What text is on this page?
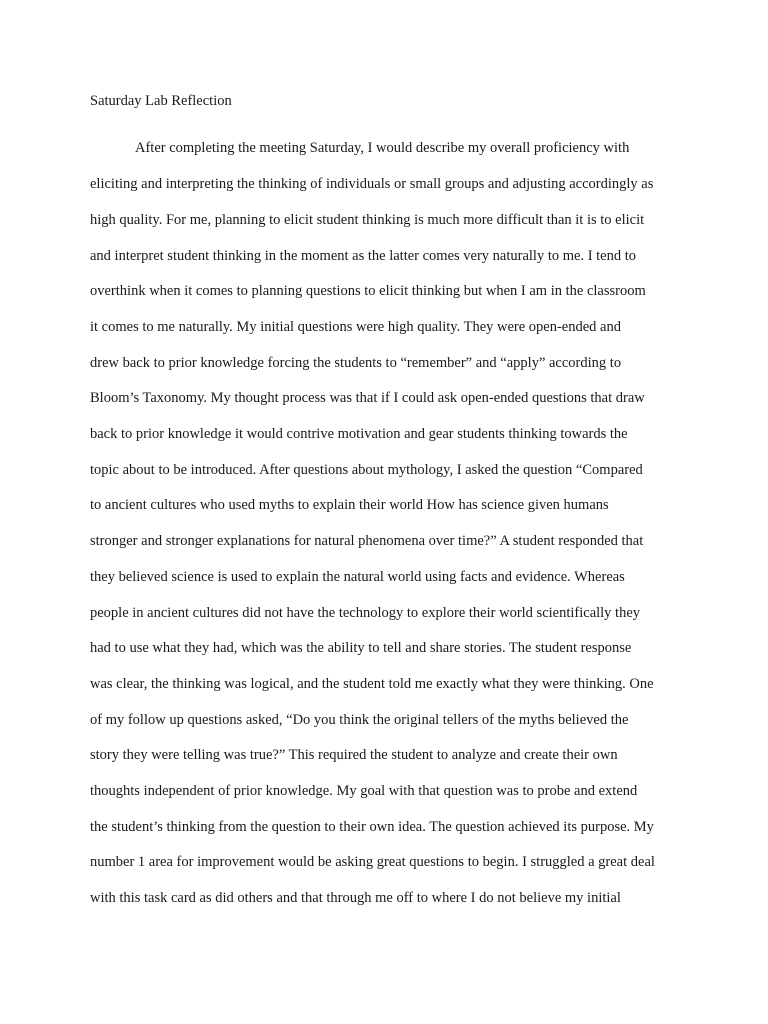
Saturday Lab Reflection
After completing the meeting Saturday, I would describe my overall proficiency with
eliciting and interpreting the thinking of individuals or small groups and adjusting accordingly as
high quality. For me, planning to elicit student thinking is much more difficult than it is to elicit
and interpret student thinking in the moment as the latter comes very naturally to me. I tend to
overthink when it comes to planning questions to elicit thinking but when I am in the classroom
it comes to me naturally. My initial questions were high quality. They were open-ended and
drew back to prior knowledge forcing the students to “remember” and “apply” according to
Bloom’s Taxonomy. My thought process was that if I could ask open-ended questions that draw
back to prior knowledge it would contrive motivation and gear students thinking towards the
topic about to be introduced. After questions about mythology, I asked the question “Compared
to ancient cultures who used myths to explain their world How has science given humans
stronger and stronger explanations for natural phenomena over time?” A student responded that
they believed science is used to explain the natural world using facts and evidence. Whereas
people in ancient cultures did not have the technology to explore their world scientifically they
had to use what they had, which was the ability to tell and share stories. The student response
was clear, the thinking was logical, and the student told me exactly what they were thinking. One
of my follow up questions asked, “Do you think the original tellers of the myths believed the
story they were telling was true?” This required the student to analyze and create their own
thoughts independent of prior knowledge. My goal with that question was to probe and extend
the student’s thinking from the question to their own idea. The question achieved its purpose. My
number 1 area for improvement would be asking great questions to begin. I struggled a great deal
with this task card as did others and that through me off to where I do not believe my initial
